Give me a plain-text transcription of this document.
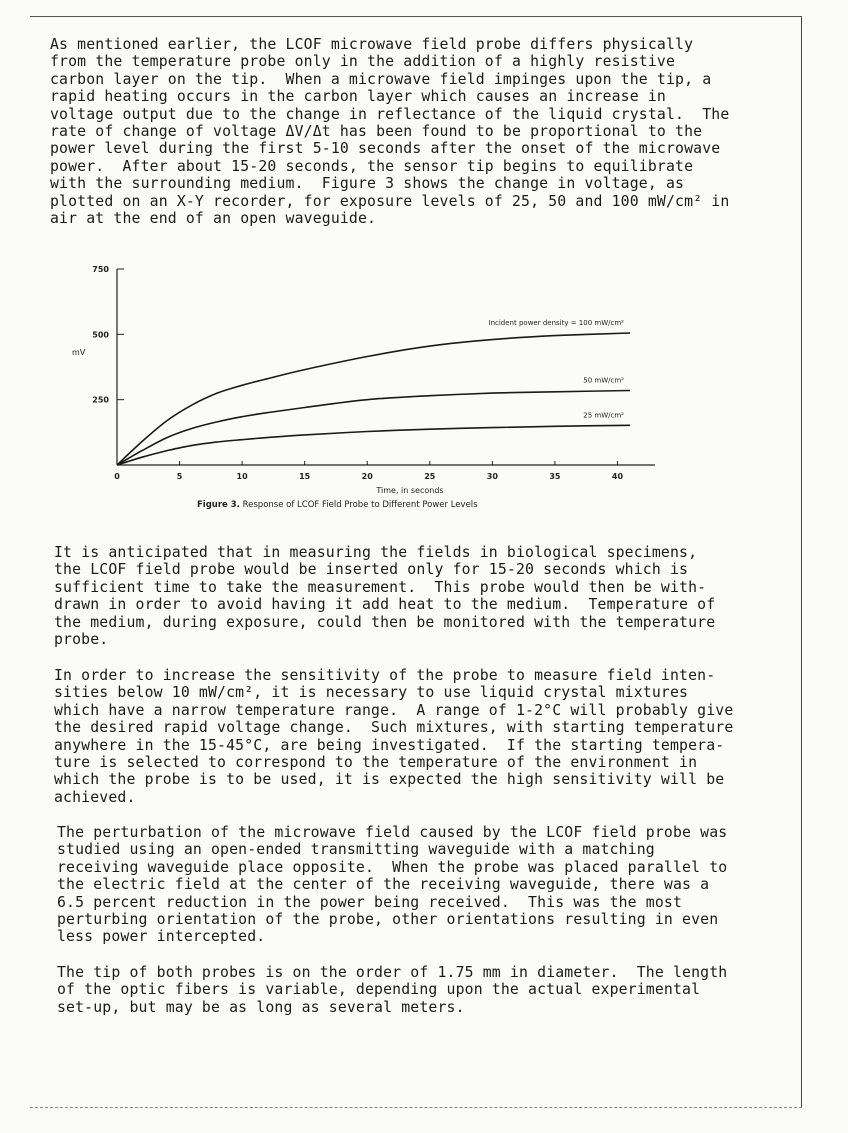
As mentioned earlier, the LCOF microwave field probe differs physically
from the temperature probe only in the addition of a highly resistive
carbon layer on the tip.  When a microwave field impinges upon the tip, a
rapid heating occurs in the carbon layer which causes an increase in
voltage output due to the change in reflectance of the liquid crystal.  The
rate of change of voltage ΔV/Δt has been found to be proportional to the
power level during the first 5-10 seconds after the onset of the microwave
power.  After about 15-20 seconds, the sensor tip begins to equilibrate
with the surrounding medium.  Figure 3 shows the change in voltage, as
plotted on an X-Y recorder, for exposure levels of 25, 50 and 100 mW/cm² in
air at the end of an open waveguide.

250
500
750
0	5	10	15	20	25	30	35	40
Incident power density = 100 mW/cm²
50 mW/cm²
25 mW/cm²
mV
Time, in seconds
Figure 3. Response of LCOF Field Probe to Different Power Levels

It is anticipated that in measuring the fields in biological specimens,
the LCOF field probe would be inserted only for 15-20 seconds which is
sufficient time to take the measurement.  This probe would then be with-
drawn in order to avoid having it add heat to the medium.  Temperature of
the medium, during exposure, could then be monitored with the temperature
probe.

In order to increase the sensitivity of the probe to measure field inten-
sities below 10 mW/cm², it is necessary to use liquid crystal mixtures
which have a narrow temperature range.  A range of 1-2°C will probably give
the desired rapid voltage change.  Such mixtures, with starting temperature
anywhere in the 15-45°C, are being investigated.  If the starting tempera-
ture is selected to correspond to the temperature of the environment in
which the probe is to be used, it is expected the high sensitivity will be
achieved.

The perturbation of the microwave field caused by the LCOF field probe was
studied using an open-ended transmitting waveguide with a matching
receiving waveguide place opposite.  When the probe was placed parallel to
the electric field at the center of the receiving waveguide, there was a
6.5 percent reduction in the power being received.  This was the most
perturbing orientation of the probe, other orientations resulting in even
less power intercepted.

The tip of both probes is on the order of 1.75 mm in diameter.  The length
of the optic fibers is variable, depending upon the actual experimental
set-up, but may be as long as several meters.
